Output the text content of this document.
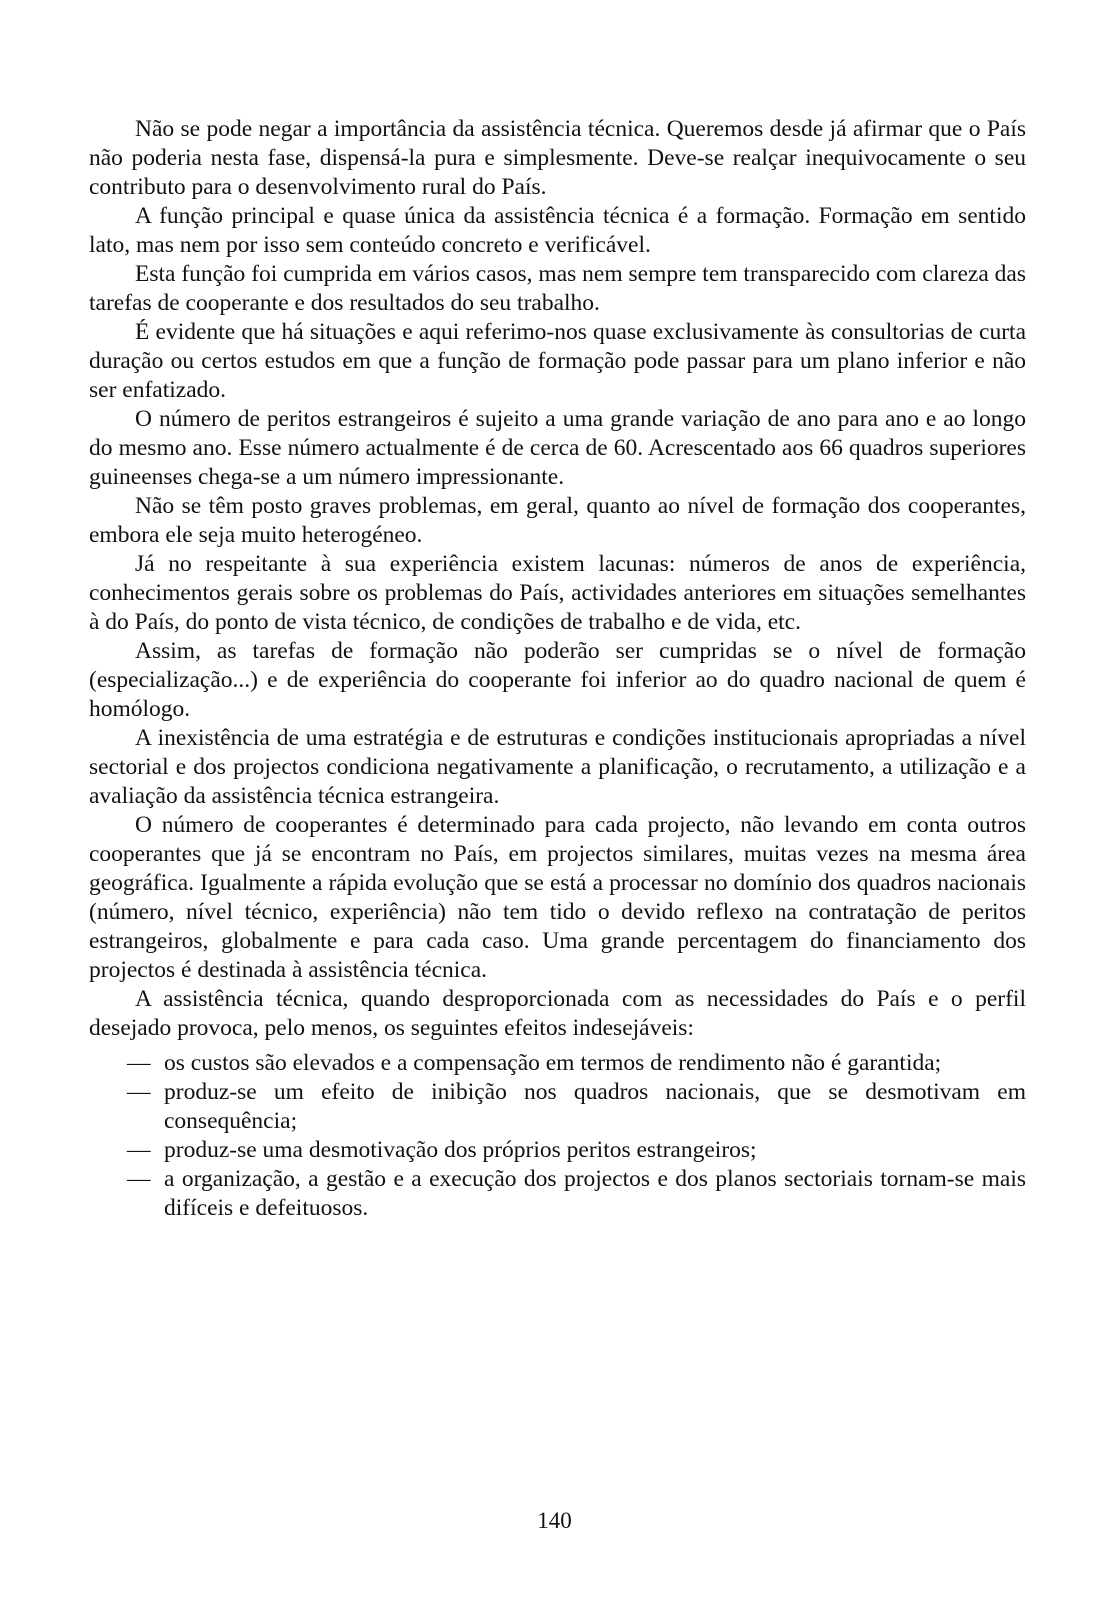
Não se pode negar a importância da assistência técnica. Queremos desde já afirmar que o País não poderia nesta fase, dispensá-la pura e simplesmente. Deve-se realçar inequivocamente o seu contributo para o desenvolvimento rural do País.

A função principal e quase única da assistência técnica é a formação. Formação em sentido lato, mas nem por isso sem conteúdo concreto e verificável.

Esta função foi cumprida em vários casos, mas nem sempre tem transparecido com clareza das tarefas de cooperante e dos resultados do seu trabalho.

É evidente que há situações e aqui referimo-nos quase exclusivamente às consultorias de curta duração ou certos estudos em que a função de formação pode passar para um plano inferior e não ser enfatizado.

O número de peritos estrangeiros é sujeito a uma grande variação de ano para ano e ao longo do mesmo ano. Esse número actualmente é de cerca de 60. Acrescentado aos 66 quadros superiores guineenses chega-se a um número impressionante.

Não se têm posto graves problemas, em geral, quanto ao nível de formação dos cooperantes, embora ele seja muito heterogéneo.

Já no respeitante à sua experiência existem lacunas: números de anos de experiência, conhecimentos gerais sobre os problemas do País, actividades anteriores em situações semelhantes à do País, do ponto de vista técnico, de condições de trabalho e de vida, etc.

Assim, as tarefas de formação não poderão ser cumpridas se o nível de formação (especialização...) e de experiência do cooperante foi inferior ao do quadro nacional de quem é homólogo.

A inexistência de uma estratégia e de estruturas e condições institucionais apropriadas a nível sectorial e dos projectos condiciona negativamente a planificação, o recrutamento, a utilização e a avaliação da assistência técnica estrangeira.

O número de cooperantes é determinado para cada projecto, não levando em conta outros cooperantes que já se encontram no País, em projectos similares, muitas vezes na mesma área geográfica. Igualmente a rápida evolução que se está a processar no domínio dos quadros nacionais (número, nível técnico, experiência) não tem tido o devido reflexo na contratação de peritos estrangeiros, globalmente e para cada caso. Uma grande percentagem do financiamento dos projectos é destinada à assistência técnica.

A assistência técnica, quando desproporcionada com as necessidades do País e o perfil desejado provoca, pelo menos, os seguintes efeitos indesejáveis:

— os custos são elevados e a compensação em termos de rendimento não é garantida;
— produz-se um efeito de inibição nos quadros nacionais, que se desmotivam em consequência;
— produz-se uma desmotivação dos próprios peritos estrangeiros;
— a organização, a gestão e a execução dos projectos e dos planos sectoriais tornam-se mais difíceis e defeituosos.
140
